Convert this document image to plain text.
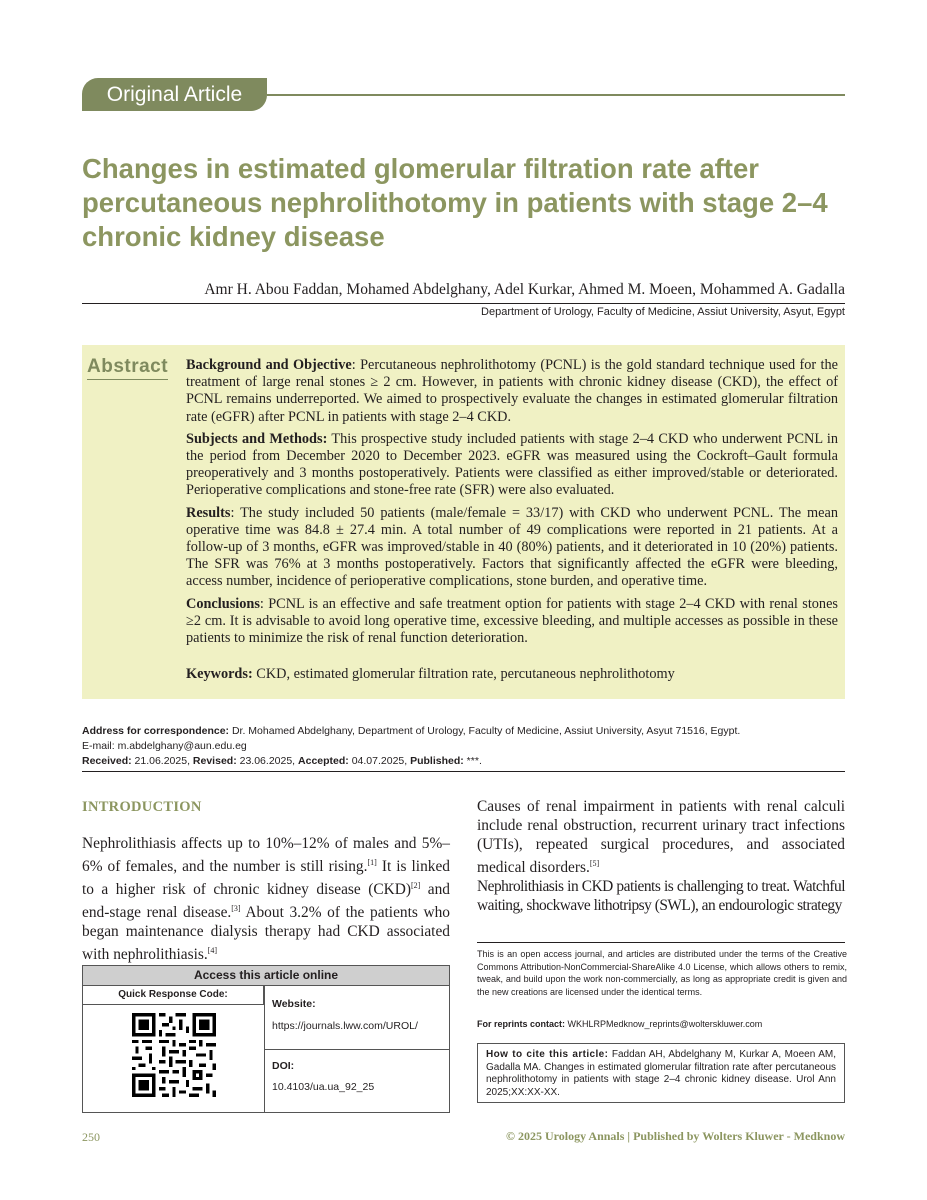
Original Article
Changes in estimated glomerular filtration rate after percutaneous nephrolithotomy in patients with stage 2–4 chronic kidney disease
Amr H. Abou Faddan, Mohamed Abdelghany, Adel Kurkar, Ahmed M. Moeen, Mohammed A. Gadalla
Department of Urology, Faculty of Medicine, Assiut University, Asyut, Egypt
Abstract Background and Objective: Percutaneous nephrolithotomy (PCNL) is the gold standard technique used for the treatment of large renal stones ≥ 2 cm. However, in patients with chronic kidney disease (CKD), the effect of PCNL remains underreported. We aimed to prospectively evaluate the changes in estimated glomerular filtration rate (eGFR) after PCNL in patients with stage 2–4 CKD.

Subjects and Methods: This prospective study included patients with stage 2–4 CKD who underwent PCNL in the period from December 2020 to December 2023. eGFR was measured using the Cockroft–Gault formula preoperatively and 3 months postoperatively. Patients were classified as either improved/stable or deteriorated. Perioperative complications and stone‑free rate (SFR) were also evaluated.

Results: The study included 50 patients (male/female = 33/17) with CKD who underwent PCNL. The mean operative time was 84.8 ± 27.4 min. A total number of 49 complications were reported in 21 patients. At a follow‑up of 3 months, eGFR was improved/stable in 40 (80%) patients, and it deteriorated in 10 (20%) patients. The SFR was 76% at 3 months postoperatively. Factors that significantly affected the eGFR were bleeding, access number, incidence of perioperative complications, stone burden, and operative time.

Conclusions: PCNL is an effective and safe treatment option for patients with stage 2–4 CKD with renal stones ≥2 cm. It is advisable to avoid long operative time, excessive bleeding, and multiple accesses as possible in these patients to minimize the risk of renal function deterioration.

Keywords: CKD, estimated glomerular filtration rate, percutaneous nephrolithotomy

Address for correspondence: Dr. Mohamed Abdelghany, Department of Urology, Faculty of Medicine, Assiut University, Asyut 71516, Egypt.
E-mail: m.abdelghany@aun.edu.eg
Received: 21.06.2025, Revised: 23.06.2025, Accepted: 04.07.2025, Published: ***.
INTRODUCTION
Nephrolithiasis affects up to 10%–12% of males and 5%–6% of females, and the number is still rising.[1] It is linked to a higher risk of chronic kidney disease (CKD)[2] and end‑stage renal disease.[3] About 3.2% of the patients who began maintenance dialysis therapy had CKD associated with nephrolithiasis.[4]
Causes of renal impairment in patients with renal calculi include renal obstruction, recurrent urinary tract infections (UTIs), repeated surgical procedures, and associated medical disorders.[5]
Nephrolithiasis in CKD patients is challenging to treat. Watchful waiting, shockwave lithotripsy (SWL), an endourologic strategy
Access this article online
Quick Response Code:
Website:
https://journals.lww.com/UROL/
DOI:
10.4103/ua.ua_92_25
This is an open access journal, and articles are distributed under the terms of the Creative Commons Attribution‑NonCommercial‑ShareAlike 4.0 License, which allows others to remix, tweak, and build upon the work non‑commercially, as long as appropriate credit is given and the new creations are licensed under the identical terms.
For reprints contact: WKHLRPMedknow_reprints@wolterskluwer.com
How to cite this article: Faddan AH, Abdelghany M, Kurkar A, Moeen AM, Gadalla MA. Changes in estimated glomerular filtration rate after percutaneous nephrolithotomy in patients with stage 2–4 chronic kidney disease. Urol Ann 2025;XX:XX‑XX.
250	© 2025 Urology Annals | Published by Wolters Kluwer - Medknow
